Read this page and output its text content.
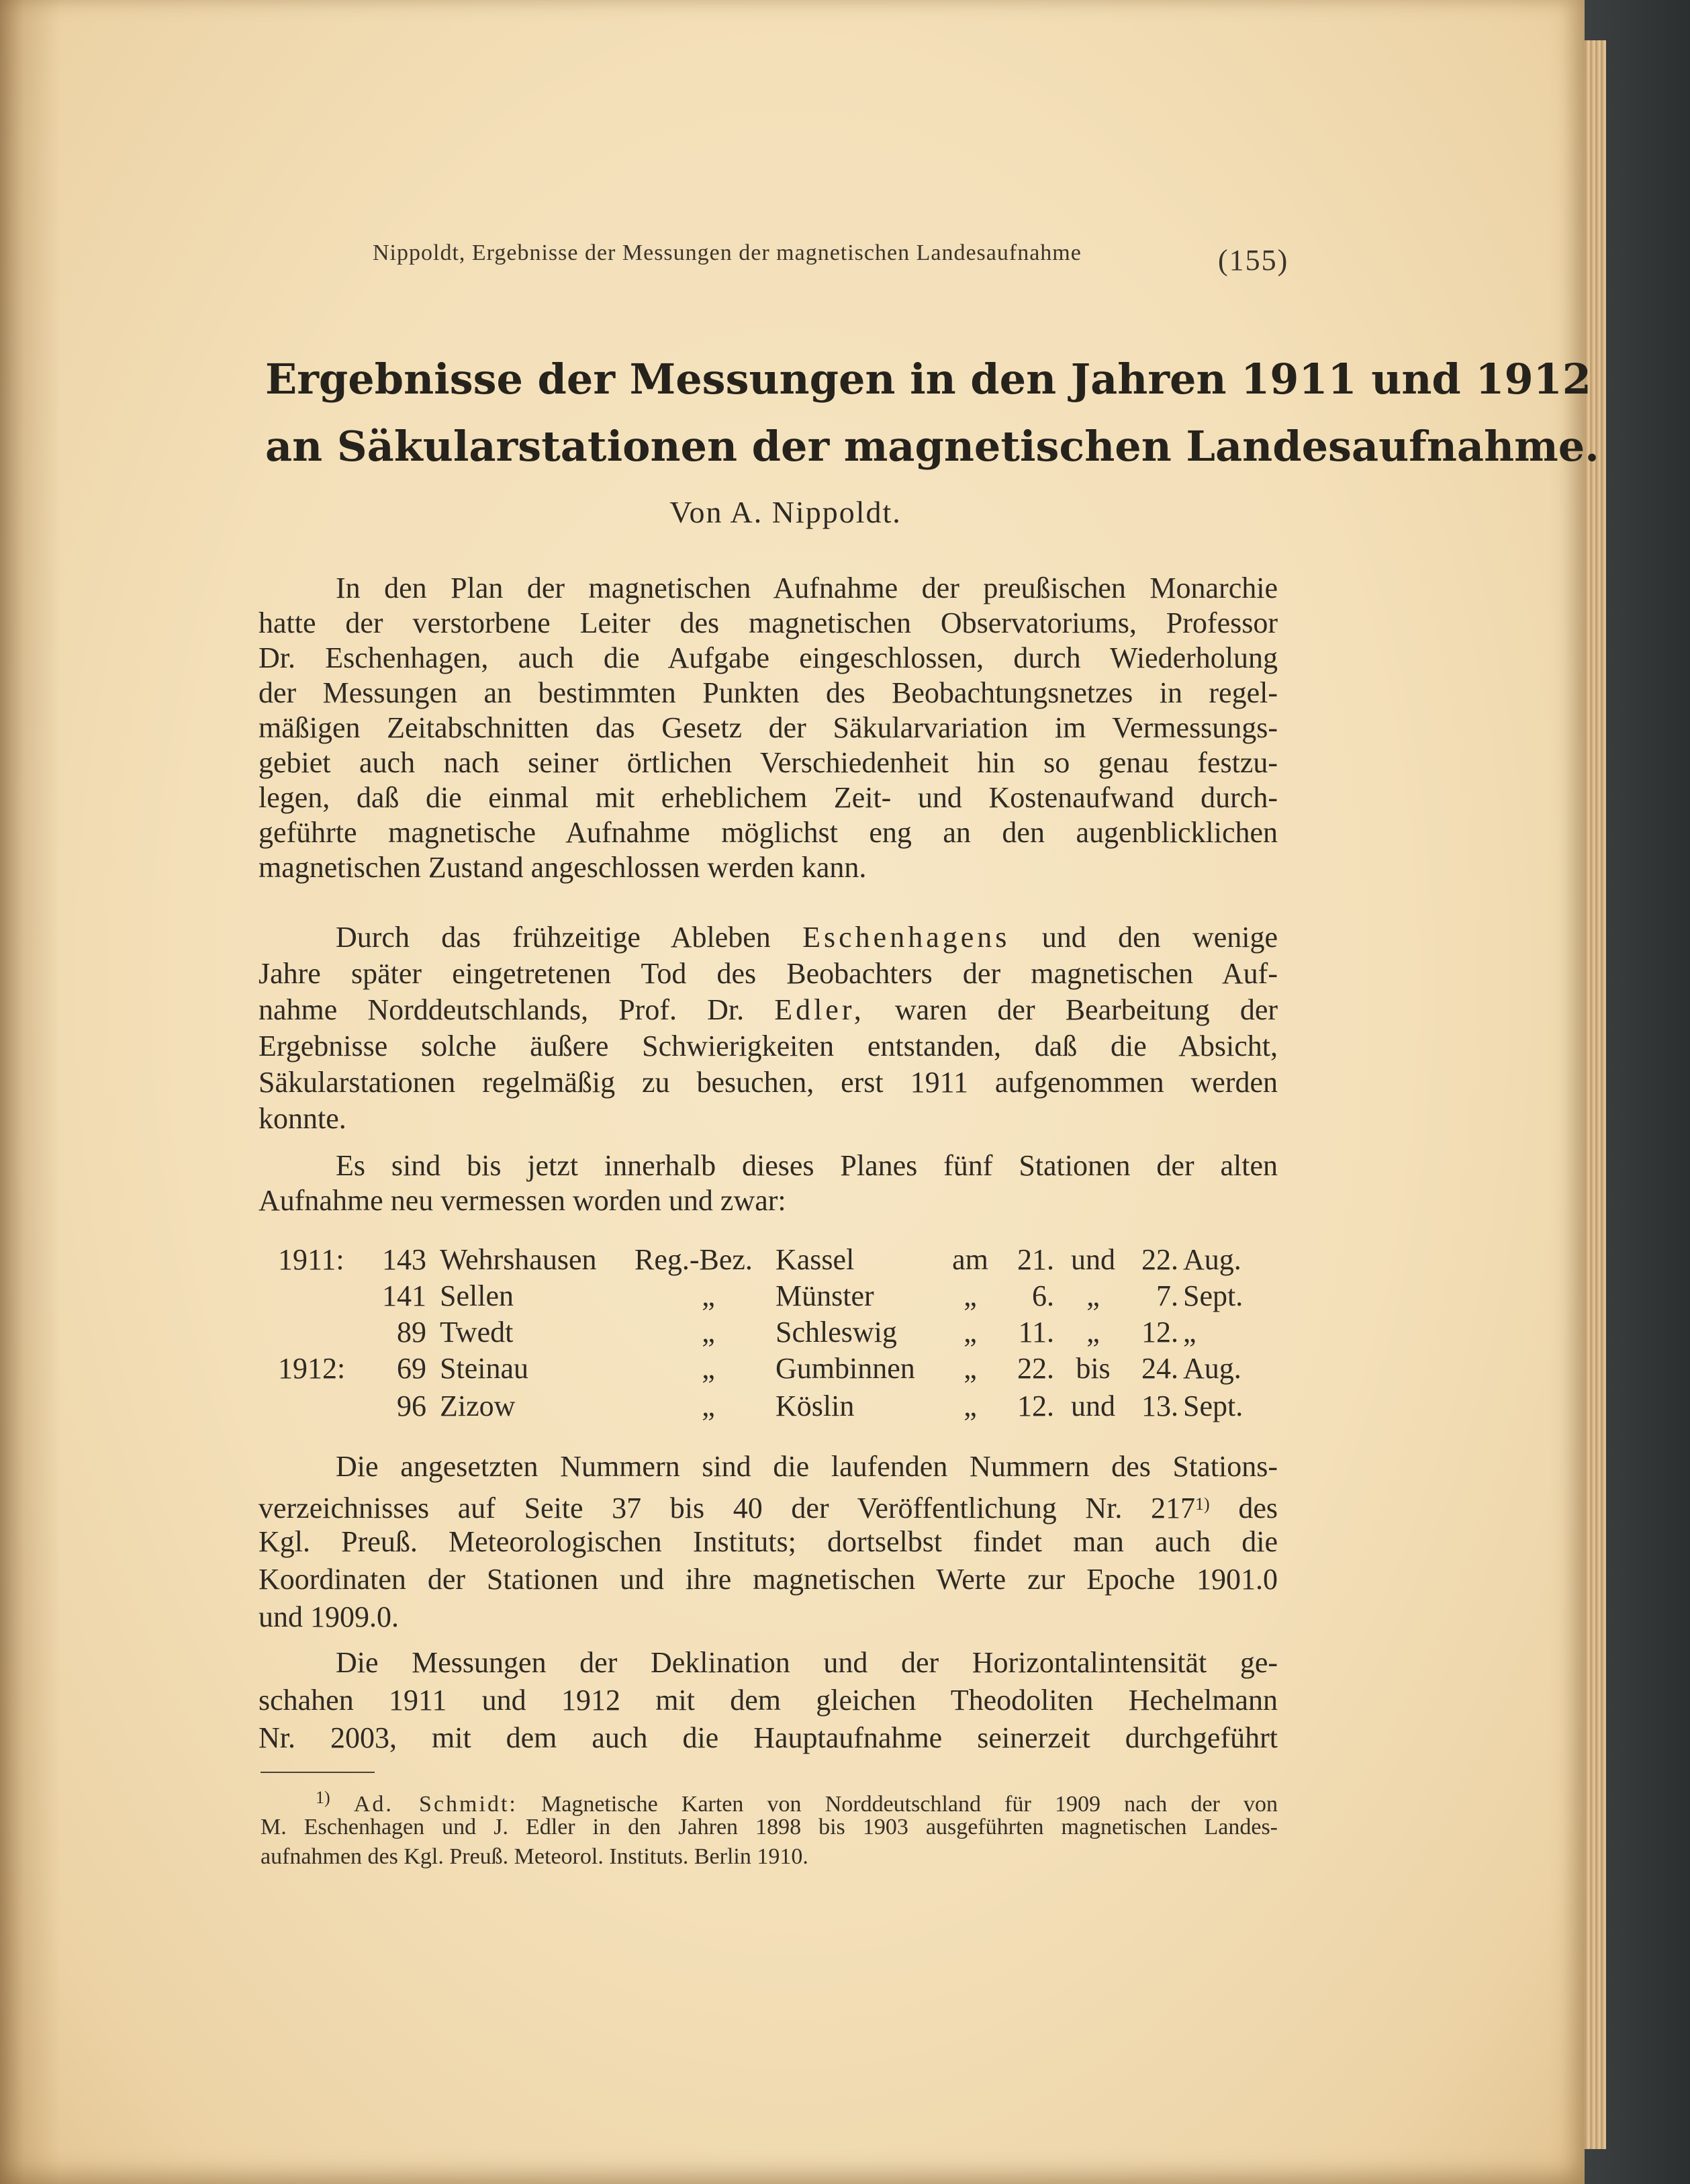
Nippoldt, Ergebnisse der Messungen der magnetischen Landesaufnahme	(155)
Ergebnisse der Messungen in den Jahren 1911 und 1912
an Säkularstationen der magnetischen Landesaufnahme.
Von A. Nippoldt.
In den Plan der magnetischen Aufnahme der preußischen Monarchie
hatte der verstorbene Leiter des magnetischen Observatoriums, Professor
Dr. Eschenhagen, auch die Aufgabe eingeschlossen, durch Wiederholung
der Messungen an bestimmten Punkten des Beobachtungsnetzes in regel-
mäßigen Zeitabschnitten das Gesetz der Säkularvariation im Vermessungs-
gebiet auch nach seiner örtlichen Verschiedenheit hin so genau festzu-
legen, daß die einmal mit erheblichem Zeit- und Kostenaufwand durch-
geführte magnetische Aufnahme möglichst eng an den augenblicklichen
magnetischen Zustand angeschlossen werden kann.
Durch das frühzeitige Ableben Eschenhagens und den wenige
Jahre später eingetretenen Tod des Beobachters der magnetischen Auf-
nahme Norddeutschlands, Prof. Dr. Edler, waren der Bearbeitung der
Ergebnisse solche äußere Schwierigkeiten entstanden, daß die Absicht,
Säkularstationen regelmäßig zu besuchen, erst 1911 aufgenommen werden
konnte.
Es sind bis jetzt innerhalb dieses Planes fünf Stationen der alten
Aufnahme neu vermessen worden und zwar:
1911:	143 Wehrshausen Reg.-Bez. Kassel	am 21. und 22. Aug.
141 Sellen	„ Münster	„	6.	„	7. Sept.
89 Twedt	„ Schleswig	„	11.	„	12. „
1912:	69 Steinau	„ Gumbinnen	„	22. bis	24. Aug.
96 Zizow	„ Köslin	„	12. und 13. Sept.
Die angesetzten Nummern sind die laufenden Nummern des Stations-
verzeichnisses auf Seite 37 bis 40 der Veröffentlichung Nr. 217$^{1)}$ des
Kgl. Preuß. Meteorologischen Instituts; dortselbst findet man auch die
Koordinaten der Stationen und ihre magnetischen Werte zur Epoche 1901.0
und 1909.0.
Die Messungen der Deklination und der Horizontalintensität ge-
schahen 1911 und 1912 mit dem gleichen Theodoliten Hechelmann
Nr. 2003, mit dem auch die Hauptaufnahme seinerzeit durchgeführt
$^{1)}$ Ad. Schmidt: Magnetische Karten von Norddeutschland für 1909 nach der von
M. Eschenhagen und J. Edler in den Jahren 1898 bis 1903 ausgeführten magnetischen Landes-
aufnahmen des Kgl. Preuß. Meteorol. Instituts. Berlin 1910.
